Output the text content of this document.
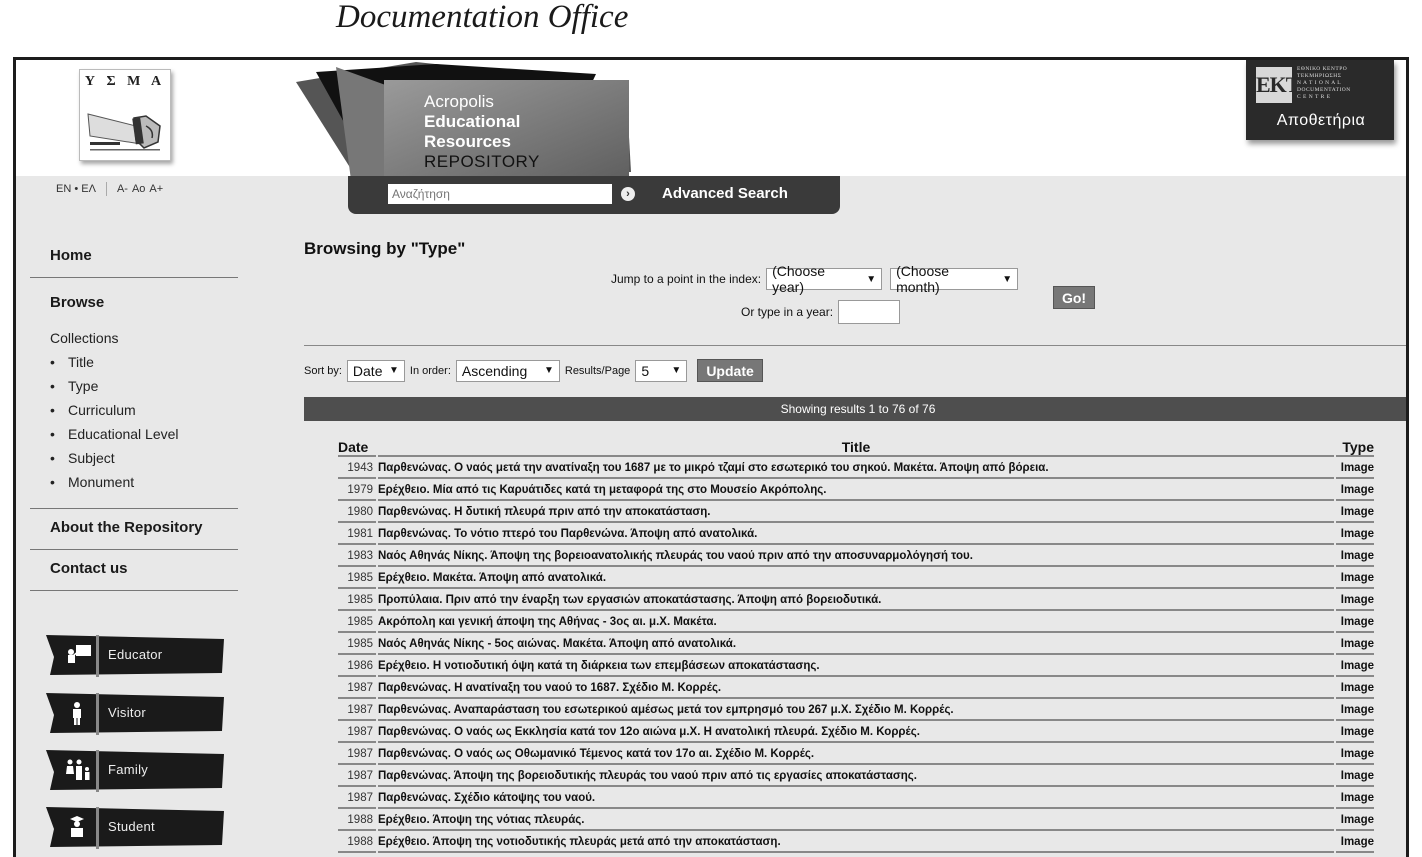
Documentation Office
Υ Σ Μ Α
EN • ΕΛ A- Ao A+
Acropolis
Educational
Resources
REPOSITORY
Αναζήτηση
›	Advanced Search
EKT
ΕΘΝΙΚΟ ΚΕΝΤΡΟ
ΤΕΚΜΗΡΙΩΣΗΣ
N A T I O N A L
DOCUMENTATION
C E N T R E
Αποθετήρια
Home
Browse
Collections
• Title
• Type
• Curriculum
• Educational Level
• Subject
• Monument
About the Repository
Contact us
Educator
Visitor
Family
Student
Browsing by "Type"
Jump to a point in the index: (Choose year)	▼ (Choose month)	▼
Go!
Or type in a year:
Sort by: Date ▼ In order: Ascending ▼ Results/Page 5 ▼	Update
Showing results 1 to 76 of 76
Date	Title	Type
1943	Παρθενώνας. Ο ναός μετά την ανατίναξη του 1687 με το μικρό τζαμί στο εσωτερικό του σηκού. Μακέτα. Άποψη από βόρεια.	Image
1979	Ερέχθειο. Μία από τις Καρυάτιδες κατά τη μεταφορά της στο Μουσείο Ακρόπολης.	Image
1980	Παρθενώνας. Η δυτική πλευρά πριν από την αποκατάσταση.	Image
1981	Παρθενώνας. Το νότιο πτερό του Παρθενώνα. Άποψη από ανατολικά.	Image
1983	Ναός Αθηνάς Νίκης. Άποψη της βορειοανατολικής πλευράς του ναού πριν από την αποσυναρμολόγησή του.	Image
1985	Ερέχθειο. Μακέτα. Άποψη από ανατολικά.	Image
1985	Προπύλαια. Πριν από την έναρξη των εργασιών αποκατάστασης. Άποψη από βορειοδυτικά.	Image
1985	Ακρόπολη και γενική άποψη της Αθήνας - 3ος αι. μ.Χ. Μακέτα.	Image
1985	Ναός Αθηνάς Νίκης - 5ος αιώνας. Μακέτα. Άποψη από ανατολικά.	Image
1986	Ερέχθειο. Η νοτιοδυτική όψη κατά τη διάρκεια των επεμβάσεων αποκατάστασης.	Image
1987	Παρθενώνας. Η ανατίναξη του ναού το 1687. Σχέδιο Μ. Κορρές.	Image
1987	Παρθενώνας. Αναπαράσταση του εσωτερικού αμέσως μετά τον εμπρησμό του 267 μ.Χ. Σχέδιο Μ. Κορρές.	Image
1987	Παρθενώνας. Ο ναός ως Εκκλησία κατά τον 12ο αιώνα μ.Χ. Η ανατολική πλευρά. Σχέδιο Μ. Κορρές.	Image
1987	Παρθενώνας. Ο ναός ως Οθωμανικό Τέμενος κατά τον 17ο αι. Σχέδιο Μ. Κορρές.	Image
1987	Παρθενώνας. Άποψη της βορειοδυτικής πλευράς του ναού πριν από τις εργασίες αποκατάστασης.	Image
1987	Παρθενώνας. Σχέδιο κάτοψης του ναού.	Image
1988	Ερέχθειο. Άποψη της νότιας πλευράς.	Image
1988	Ερέχθειο. Άποψη της νοτιοδυτικής πλευράς μετά από την αποκατάσταση.	Image
